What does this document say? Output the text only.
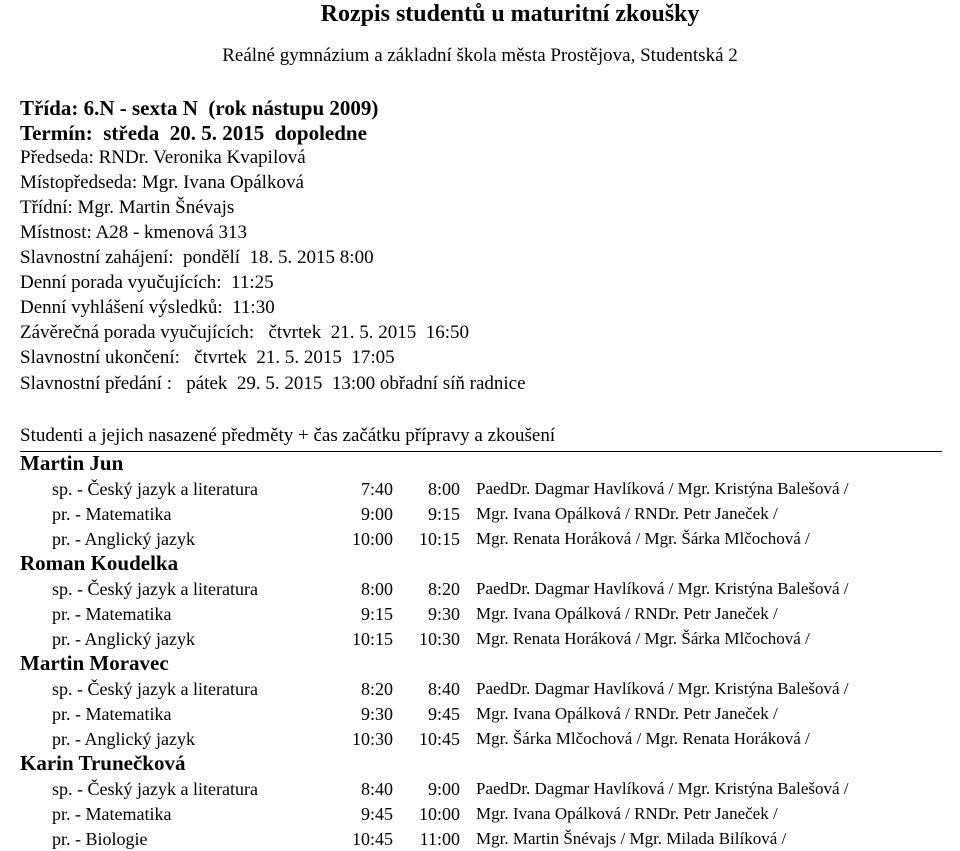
Rozpis studentů u maturitní zkoušky
Reálné gymnázium a základní škola města Prostějova, Studentská 2
Třída: 6.N - sexta N  (rok nástupu 2009)
Termín:  středa  20. 5. 2015  dopoledne
Předseda: RNDr. Veronika Kvapilová
Místopředseda: Mgr. Ivana Opálková
Třídní: Mgr. Martin Šnévajs
Místnost: A28 - kmenová 313
Slavnostní zahájení:  pondělí  18. 5. 2015 8:00
Denní porada vyučujících:  11:25
Denní vyhlášení výsledků:  11:30
Závěrečná porada vyučujících:   čtvrtek  21. 5. 2015  16:50
Slavnostní ukončení:   čtvrtek  21. 5. 2015  17:05
Slavnostní předání :   pátek  29. 5. 2015  13:00 obřadní síň radnice
Studenti a jejich nasazené předměty + čas začátku přípravy a zkoušení
Martin Jun
sp. - Český jazyk a literatura	7:40 8:00 PaedDr. Dagmar Havlíková / Mgr. Kristýna Balešová /
pr. - Matematika	9:00 9:15 Mgr. Ivana Opálková / RNDr. Petr Janeček /
pr. - Anglický jazyk	10:00 10:15 Mgr. Renata Horáková / Mgr. Šárka Mlčochová /
Roman Koudelka
sp. - Český jazyk a literatura	8:00 8:20 PaedDr. Dagmar Havlíková / Mgr. Kristýna Balešová /
pr. - Matematika	9:15 9:30 Mgr. Ivana Opálková / RNDr. Petr Janeček /
pr. - Anglický jazyk	10:15 10:30 Mgr. Renata Horáková / Mgr. Šárka Mlčochová /
Martin Moravec
sp. - Český jazyk a literatura	8:20 8:40 PaedDr. Dagmar Havlíková / Mgr. Kristýna Balešová /
pr. - Matematika	9:30 9:45 Mgr. Ivana Opálková / RNDr. Petr Janeček /
pr. - Anglický jazyk	10:30 10:45 Mgr. Šárka Mlčochová / Mgr. Renata Horáková /
Karin Trunečková
sp. - Český jazyk a literatura	8:40 9:00 PaedDr. Dagmar Havlíková / Mgr. Kristýna Balešová /
pr. - Matematika	9:45 10:00 Mgr. Ivana Opálková / RNDr. Petr Janeček /
pr. - Biologie	10:45 11:00 Mgr. Martin Šnévajs / Mgr. Milada Bilíková /
